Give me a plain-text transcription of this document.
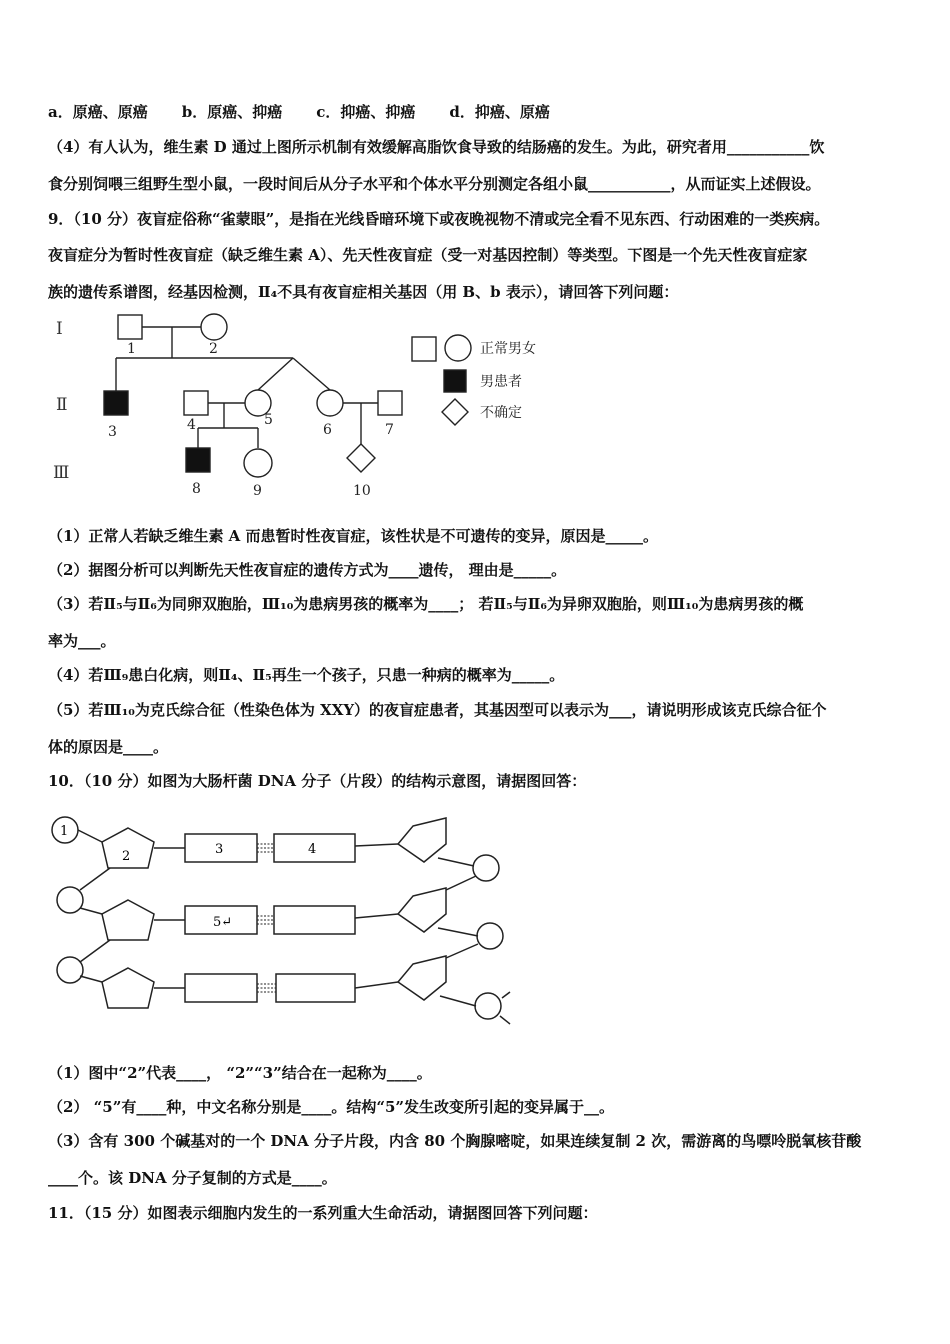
a．原癌、原癌 b．原癌、抑癌 c．抑癌、抑癌 d．抑癌、原癌
（4）有人认为，维生素 D 通过上图所示机制有效缓解高脂饮食导致的结肠癌的发生。为此，研究者用___________饮
食分别饲喂三组野生型小鼠，一段时间后从分子水平和个体水平分别测定各组小鼠___________，从而证实上述假设。
9．（10 分）夜盲症俗称“雀蒙眼”，是指在光线昏暗环境下或夜晚视物不清或完全看不见东西、行动困难的一类疾病。
夜盲症分为暂时性夜盲症（缺乏维生素 A）、先天性夜盲症（受一对基因控制）等类型。下图是一个先天性夜盲症家
族的遗传系谱图，经基因检测，Ⅱ₄不具有夜盲症相关基因（用 B、b 表示），请回答下列问题：
Ⅰ
Ⅱ
Ⅲ
1	2
3	4	5
6	7
8	9	10
正常男女
男患者
不确定
（1）正常人若缺乏维生素 A 而患暂时性夜盲症，该性状是不可遗传的变异，原因是_____。
（2）据图分析可以判断先天性夜盲症的遗传方式为____遗传， 理由是_____。
（3）若Ⅱ₅与Ⅱ₆为同卵双胞胎，Ⅲ₁₀为患病男孩的概率为____； 若Ⅱ₅与Ⅱ₆为异卵双胞胎，则Ⅲ₁₀为患病男孩的概
率为___。
（4）若Ⅲ₉患白化病，则Ⅱ₄、Ⅱ₅再生一个孩子，只患一种病的概率为_____。
（5）若Ⅲ₁₀为克氏综合征（性染色体为 XXY）的夜盲症患者，其基因型可以表示为___，请说明形成该克氏综合征个
体的原因是____。
10．（10 分）如图为大肠杆菌 DNA 分子（片段）的结构示意图，请据图回答：
1
2	3	4
5↵
（1）图中“2”代表____， “2”“3”结合在一起称为____。
（2） “5”有____种，中文名称分别是____。结构“5”发生改变所引起的变异属于__。
（3）含有 300 个碱基对的一个 DNA 分子片段，内含 80 个胸腺嘧啶，如果连续复制 2 次，需游离的鸟嘌呤脱氧核苷酸
____个。该 DNA 分子复制的方式是____。
11．（15 分）如图表示细胞内发生的一系列重大生命活动，请据图回答下列问题：
